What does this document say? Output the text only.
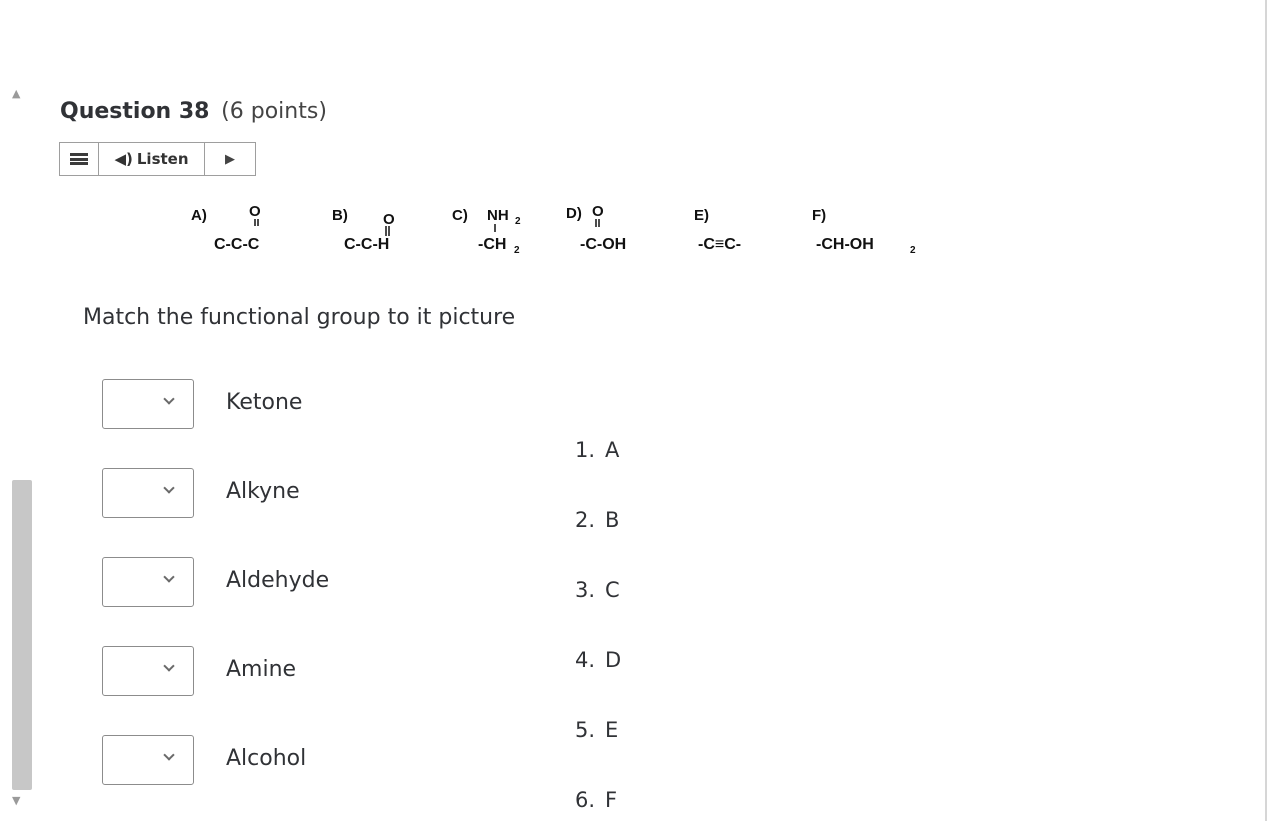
▲
▼
Question 38 (6 points)
◀) Listen	▶
A)	O
C-C-C
B) O
C-C-H
C) NH 2
-CH 2
D) O
-C-OH
E)
-C≡C-
F)
-CH-OH	2
Match the functional group to it picture
Ketone
Alkyne
Aldehyde
Amine
Alcohol
1. A
2. B
3. C
4. D
5. E
6. F
